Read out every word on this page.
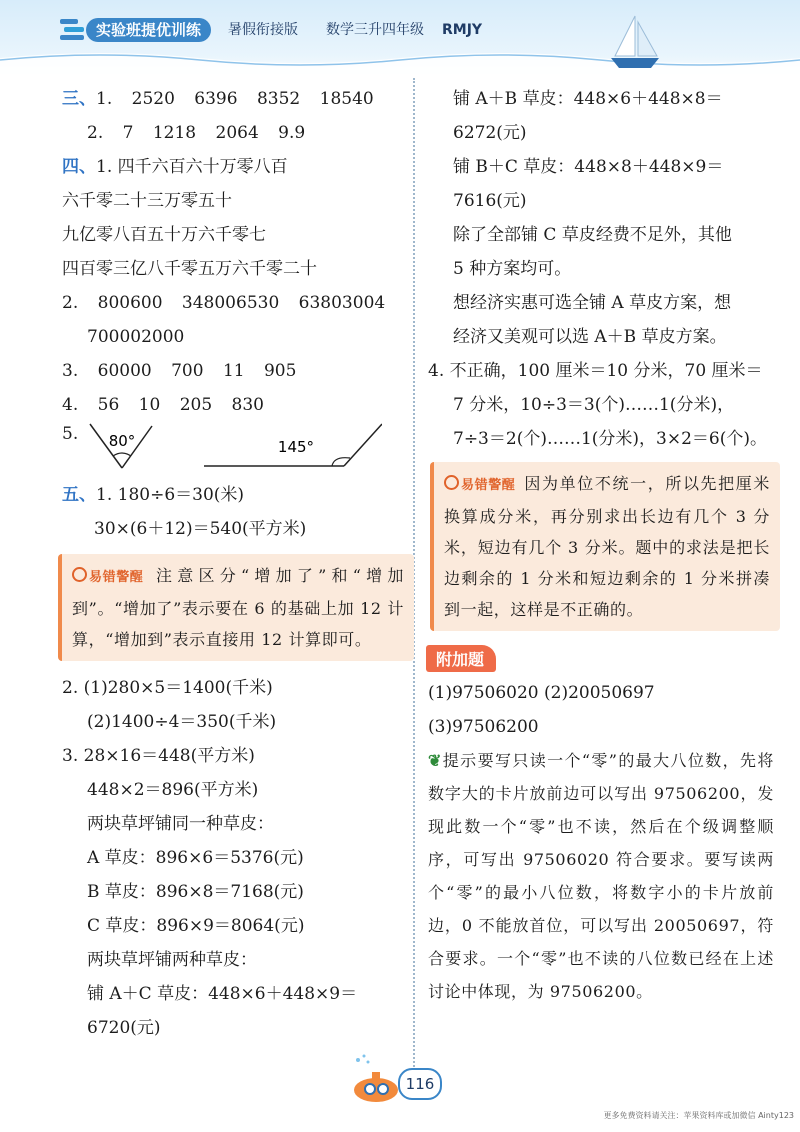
实验班提优训练	暑假衔接版 数学三升四年级 RMJY
三、1. 2520 6396 8352 18540
2. 7 1218 2064 9.9
四、1. 四千六百六十万零八百
六千零二十三万零五十
九亿零八百五十万六千零七
四百零三亿八千零五万六千零二十
2. 800600 348006530 63803004
700002000
3. 60000 700 11 905
4. 56 10 205 830
5. 80°	145°
五、1. 180÷6＝30(米)
30×(6＋12)＝540(平方米)
易错警醒 注意区分“增加了”和“增加到”。“增加了”表示要在 6 的基础上加 12 计算，“增加到”表示直接用 12 计算即可。
2. (1)280×5＝1400(千米)
(2)1400÷4＝350(千米)
3. 28×16＝448(平方米)
448×2＝896(平方米)
两块草坪铺同一种草皮：
A 草皮：896×6＝5376(元)
B 草皮：896×8＝7168(元)
C 草皮：896×9＝8064(元)
两块草坪铺两种草皮：
铺 A＋C 草皮：448×6＋448×9＝
6720(元)
铺 A＋B 草皮：448×6＋448×8＝
6272(元)
铺 B＋C 草皮：448×8＋448×9＝
7616(元)
除了全部铺 C 草皮经费不足外，其他
5 种方案均可。
想经济实惠可选全铺 A 草皮方案，想
经济又美观可以选 A＋B 草皮方案。
4. 不正确，100 厘米＝10 分米，70 厘米＝
7 分米，10÷3＝3(个)……1(分米)，
7÷3＝2(个)……1(分米)，3×2＝6(个)。
易错警醒 因为单位不统一，所以先把厘米换算成分米，再分别求出长边有几个 3 分米，短边有几个 3 分米。题中的求法是把长边剩余的 1 分米和短边剩余的 1 分米拼凑到一起，这样是不正确的。
附加题
(1)97506020 (2)20050697
(3)97506200
❦提示要写只读一个“零”的最大八位数，先将数字大的卡片放前边可以写出 97506200，发现此数一个“零”也不读，然后在个级调整顺序，可写出 97506020 符合要求。要写读两个“零”的最小八位数，将数字小的卡片放前边，0 不能放首位，可以写出 20050697，符合要求。一个“零”也不读的八位数已经在上述讨论中体现，为 97506200。
116
更多免费资料请关注：苹果资料库或加微信 Ainty123
